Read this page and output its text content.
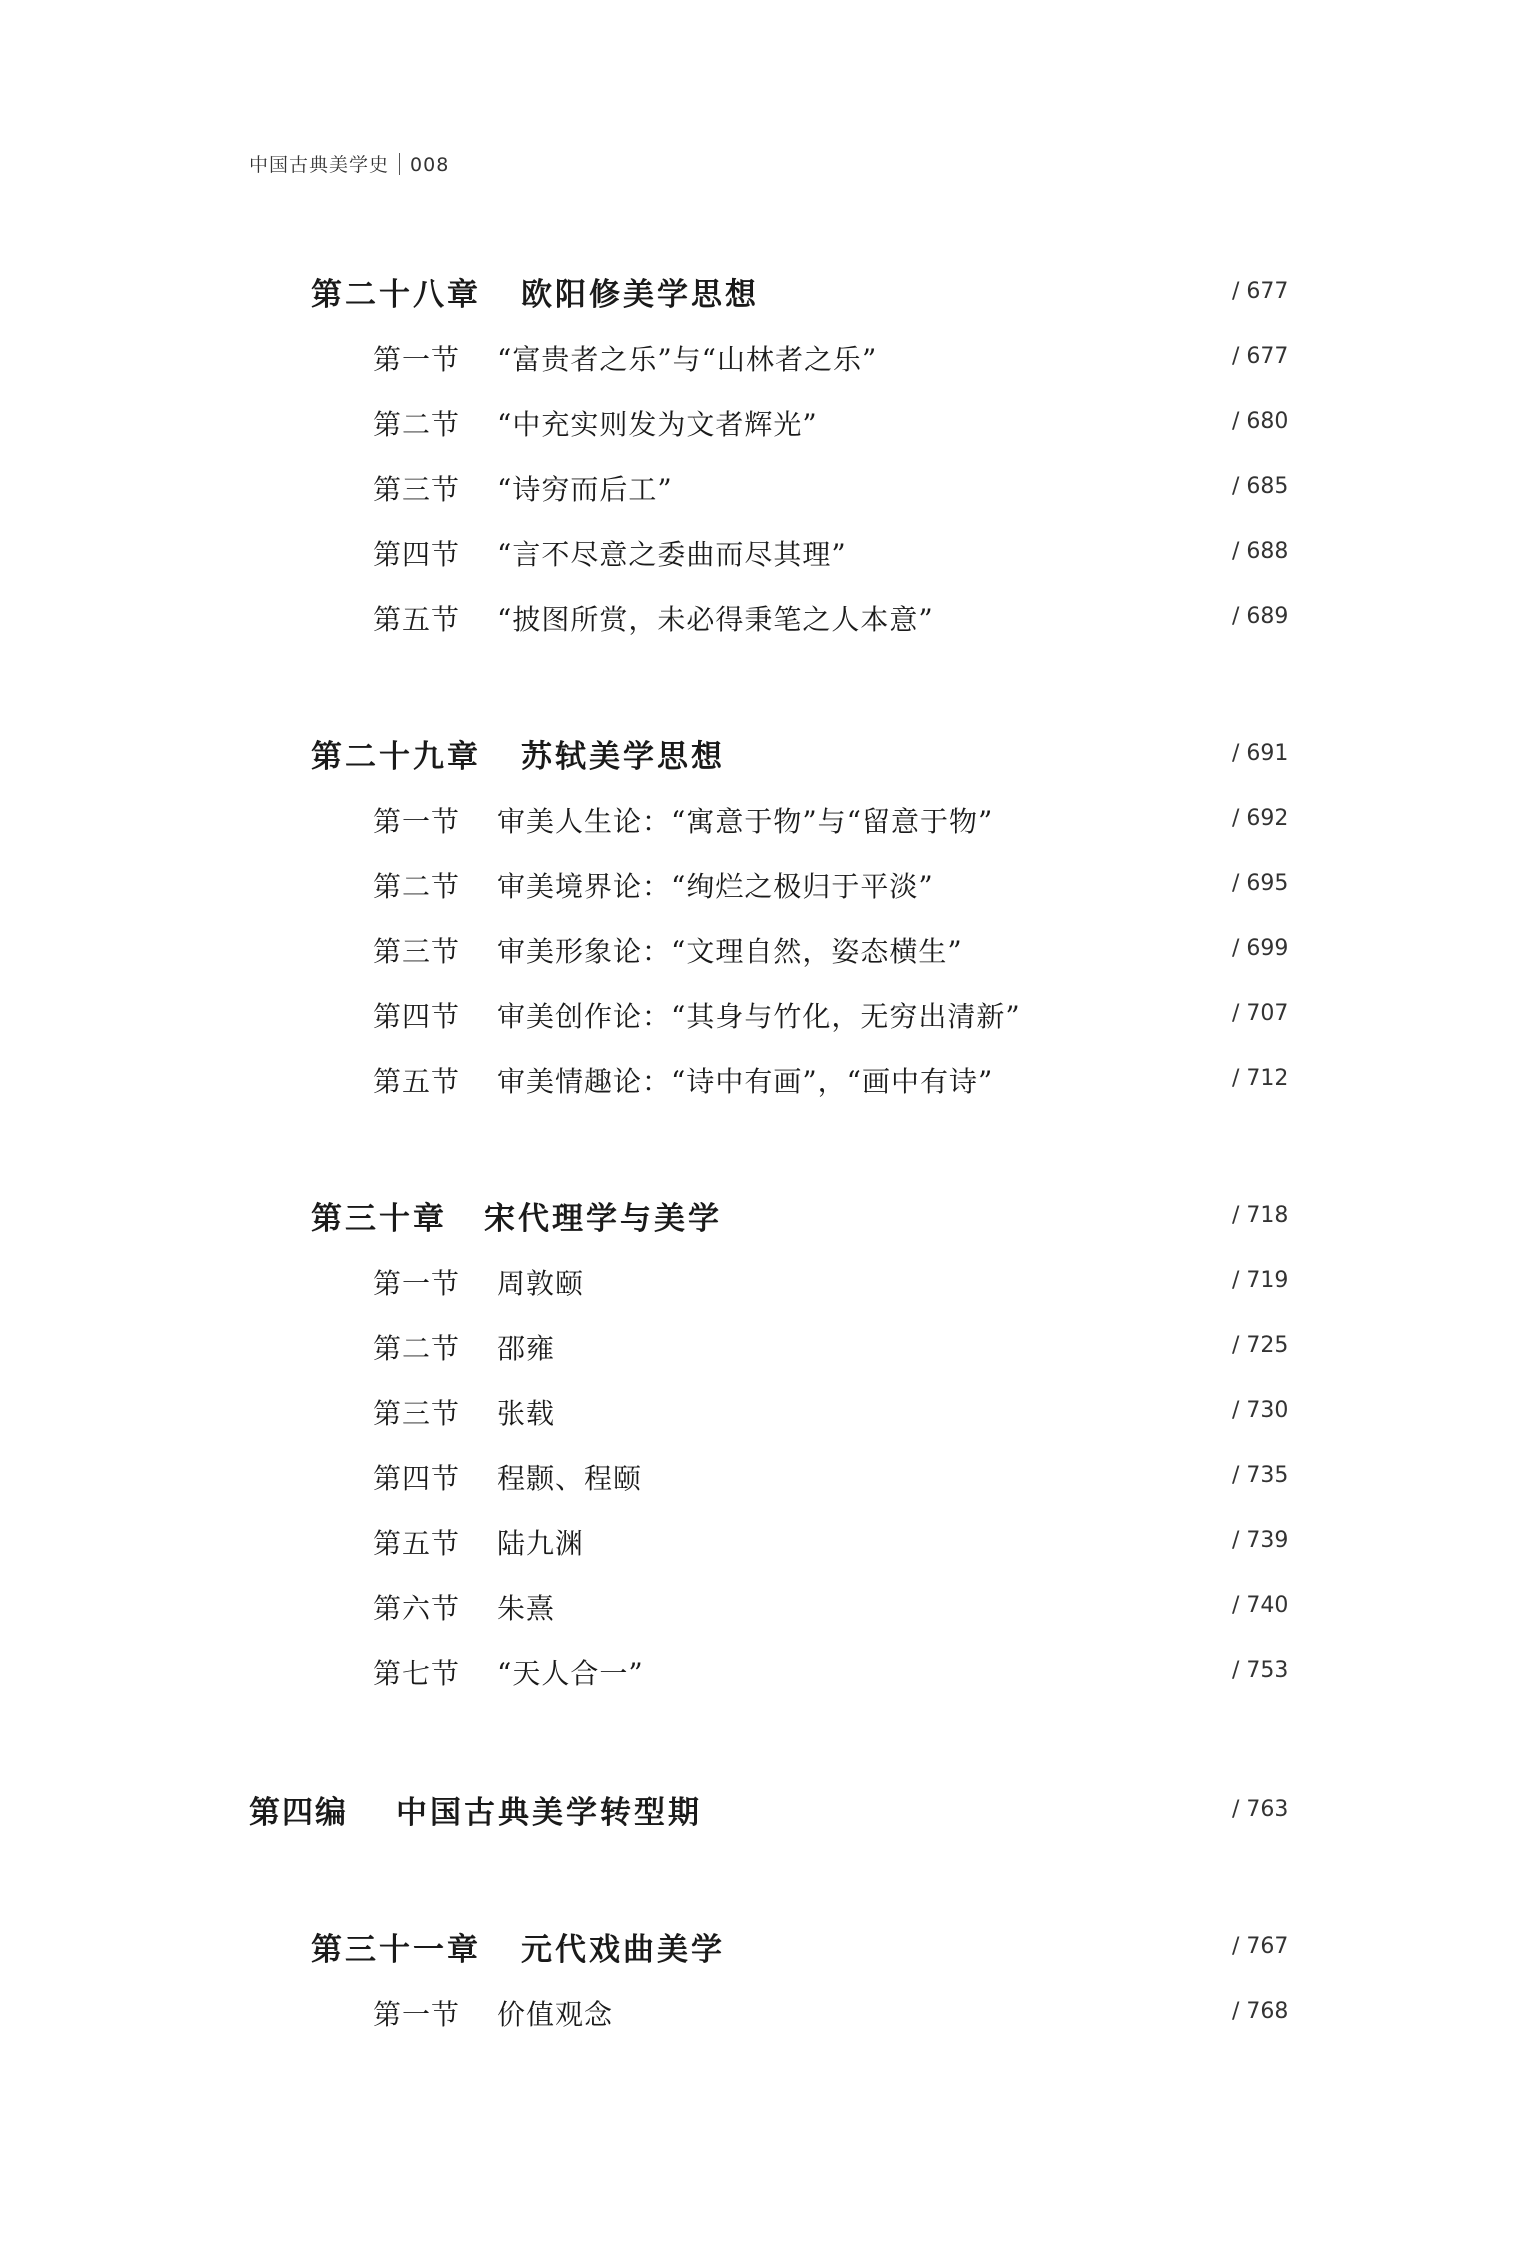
中国古典美学史 008
第二十八章 欧阳修美学思想	/ 677
第一节 “富贵者之乐”与“山林者之乐”	/ 677
第二节 “中充实则发为文者辉光”	/ 680
第三节 “诗穷而后工”	/ 685
第四节 “言不尽意之委曲而尽其理”	/ 688
第五节 “披图所赏，未必得秉笔之人本意”	/ 689
第二十九章 苏轼美学思想	/ 691
第一节 审美人生论：“寓意于物”与“留意于物”	/ 692
第二节 审美境界论：“绚烂之极归于平淡”	/ 695
第三节 审美形象论：“文理自然，姿态横生”	/ 699
第四节 审美创作论：“其身与竹化，无穷出清新”	/ 707
第五节 审美情趣论：“诗中有画”，“画中有诗”	/ 712
第三十章 宋代理学与美学	/ 718
第一节 周敦颐	/ 719
第二节 邵雍	/ 725
第三节 张载	/ 730
第四节 程颢、程颐	/ 735
第五节 陆九渊	/ 739
第六节 朱熹	/ 740
第七节 “天人合一”	/ 753
第四编 中国古典美学转型期	/ 763
第三十一章 元代戏曲美学	/ 767
第一节 价值观念	/ 768
